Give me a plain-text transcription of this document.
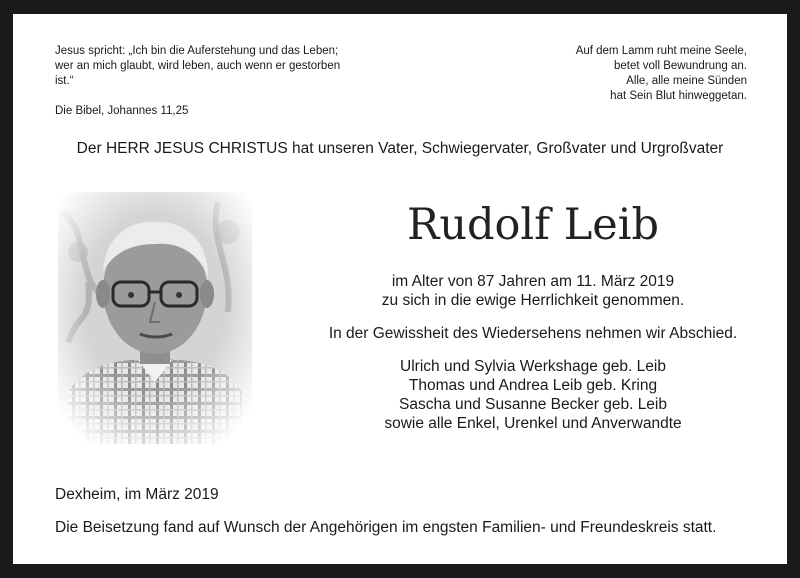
Jesus spricht: „Ich bin die Auferstehung und das Leben;
wer an mich glaubt, wird leben, auch wenn er gestorben
ist.“
Die Bibel, Johannes 11,25
Auf dem Lamm ruht meine Seele,
betet voll Bewundrung an.
Alle, alle meine Sünden
hat Sein Blut hinweggetan.
Der HERR JESUS CHRISTUS hat unseren Vater, Schwiegervater, Großvater und Urgroßvater
Rudolf Leib
im Alter von 87 Jahren am 11. März 2019
zu sich in die ewige Herrlichkeit genommen.
In der Gewissheit des Wiedersehens nehmen wir Abschied.
Ulrich und Sylvia Werkshage geb. Leib
Thomas und Andrea Leib geb. Kring
Sascha und Susanne Becker geb. Leib
sowie alle Enkel, Urenkel und Anverwandte
Dexheim, im März 2019
Die Beisetzung fand auf Wunsch der Angehörigen im engsten Familien- und Freundeskreis statt.
